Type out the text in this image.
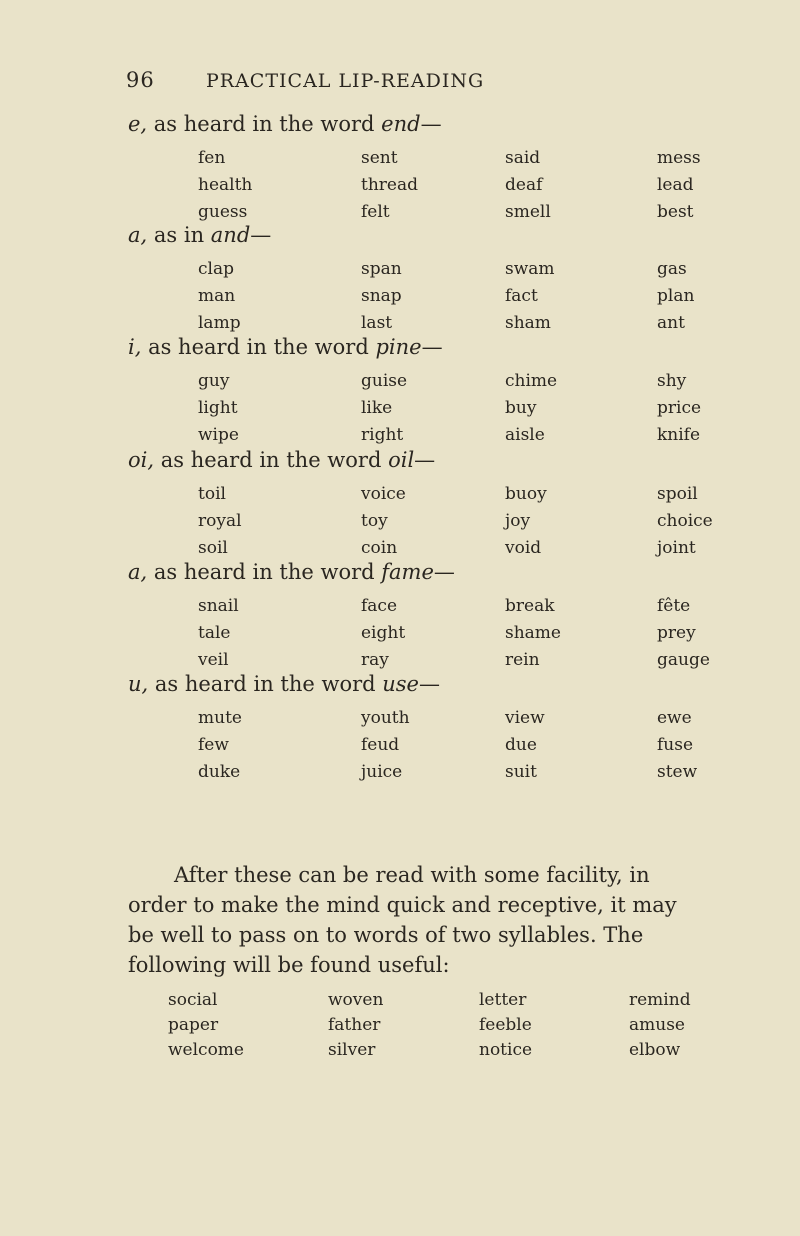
96	PRACTICAL LIP-READING
e, as heard in the word end—
fen	sent	said	mess
health	thread	deaf	lead
guess	felt	smell	best
a, as in and—
clap	span	swam	gas
man	snap	fact	plan
lamp	last	sham	ant
i, as heard in the word pine—
guy	guise	chime	shy
light	like	buy	price
wipe	right	aisle	knife
oi, as heard in the word oil—
toil	voice	buoy	spoil
royal	toy	joy	choice
soil	coin	void	joint
a, as heard in the word fame—
snail	face	break	fête
tale	eight	shame	prey
veil	ray	rein	gauge
u, as heard in the word use—
mute	youth	view	ewe
few	feud	due	fuse
duke	juice	suit	stew
After these can be read with some facility, in
order to make the mind quick and receptive, it may
be well to pass on to words of two syllables. The
following will be found useful:
social	woven	letter	remind
paper	father	feeble	amuse
welcome	silver	notice	elbow
